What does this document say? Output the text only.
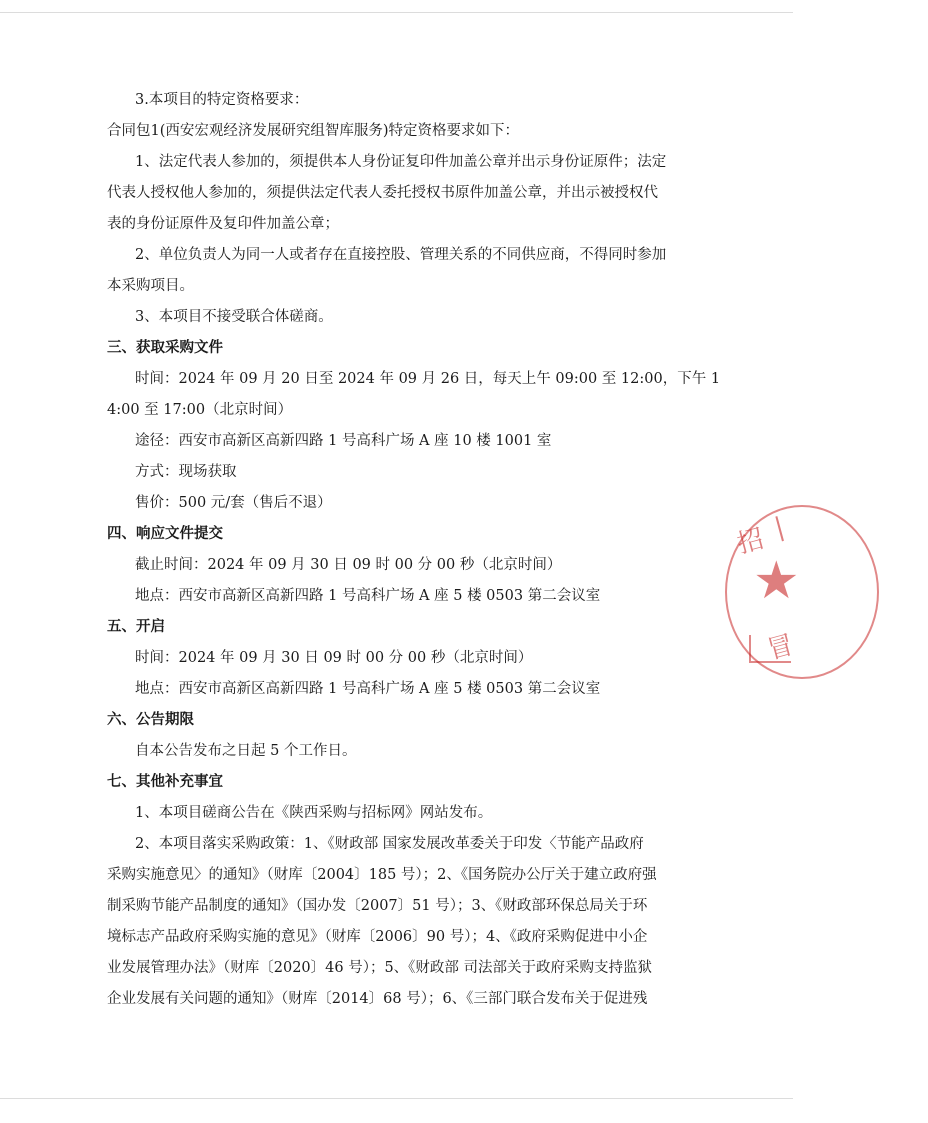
3.本项目的特定资格要求：
合同包1(西安宏观经济发展研究组智库服务)特定资格要求如下：
1、法定代表人参加的，须提供本人身份证复印件加盖公章并出示身份证原件；法定
代表人授权他人参加的，须提供法定代表人委托授权书原件加盖公章，并出示被授权代
表的身份证原件及复印件加盖公章；
2、单位负责人为同一人或者存在直接控股、管理关系的不同供应商，不得同时参加
本采购项目。
3、本项目不接受联合体磋商。
三、获取采购文件
时间：2024 年 09 月 20 日至 2024 年 09 月 26 日，每天上午 09:00 至 12:00，下午 1
4:00 至 17:00（北京时间）
途径：西安市高新区高新四路 1 号高科广场 A 座 10 楼 1001 室
方式：现场获取
售价：500 元/套（售后不退）
四、响应文件提交
截止时间：2024 年 09 月 30 日 09 时 00 分 00 秒（北京时间）
地点：西安市高新区高新四路 1 号高科广场 A 座 5 楼 0503 第二会议室
五、开启
时间：2024 年 09 月 30 日 09 时 00 分 00 秒（北京时间）
地点：西安市高新区高新四路 1 号高科广场 A 座 5 楼 0503 第二会议室
六、公告期限
自本公告发布之日起 5 个工作日。
七、其他补充事宜
1、本项目磋商公告在《陕西采购与招标网》网站发布。
2、本项目落实采购政策：1、《财政部 国家发展改革委关于印发〈节能产品政府
采购实施意见〉的通知》（财库〔2004〕185 号）；2、《国务院办公厅关于建立政府强
制采购节能产品制度的通知》（国办发〔2007〕51 号）；3、《财政部环保总局关于环
境标志产品政府采购实施的意见》（财库〔2006〕90 号）；4、《政府采购促进中小企
业发展管理办法》（财库〔2020〕46 号）；5、《财政部 司法部关于政府采购支持监狱
企业发展有关问题的通知》（财库〔2014〕68 号）；6、《三部门联合发布关于促进残
招 ∣
★
冒
